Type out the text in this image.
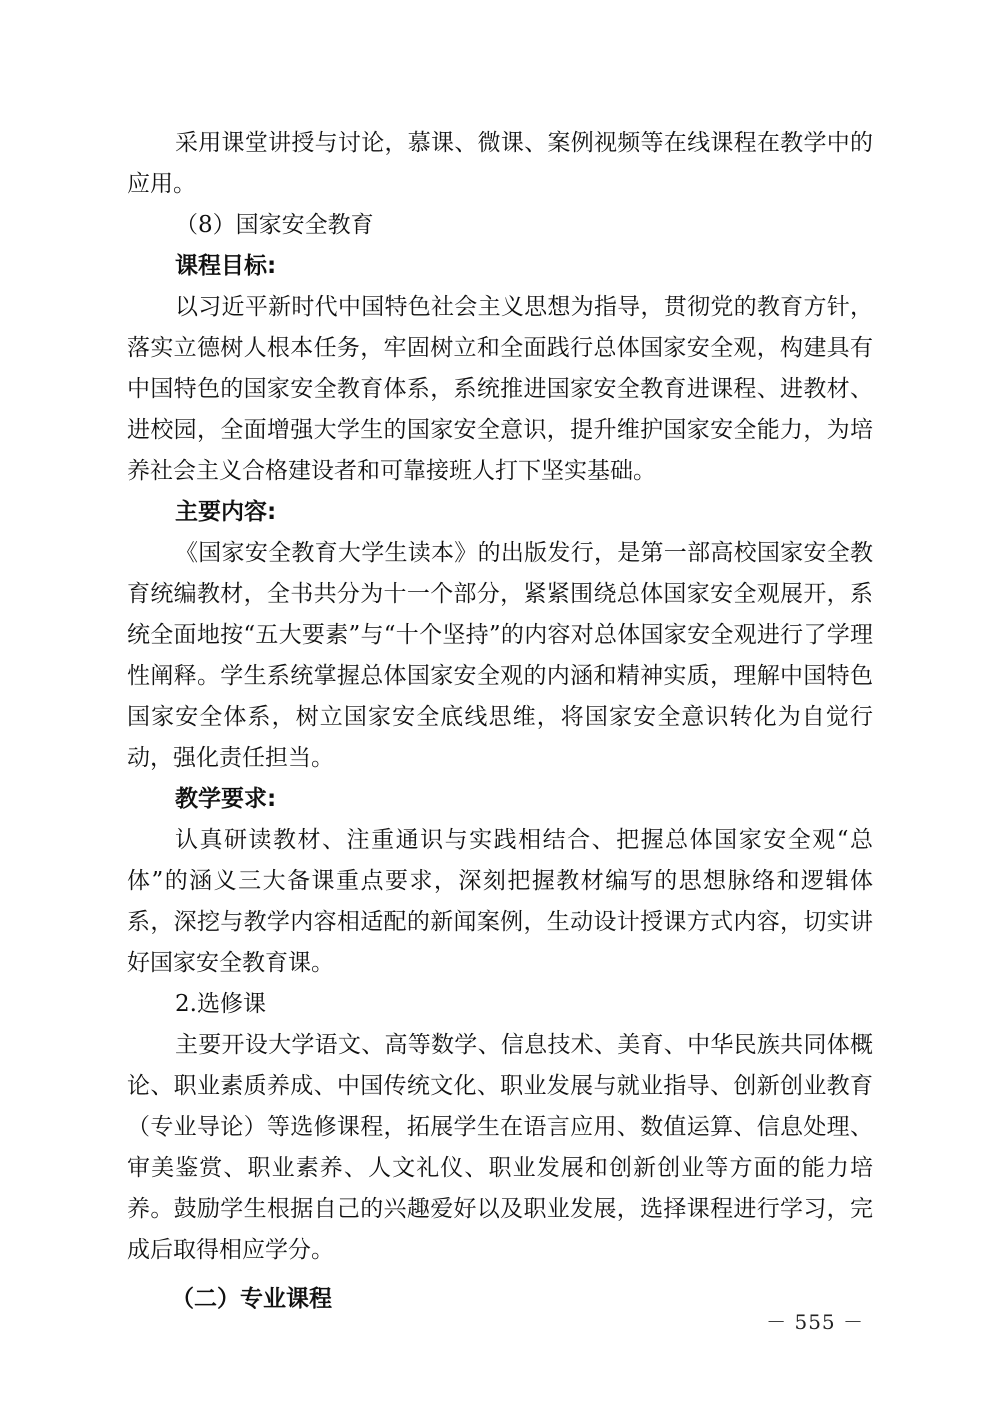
采用课堂讲授与讨论，慕课、微课、案例视频等在线课程在教学中的应用。

（8）国家安全教育

课程目标:

以习近平新时代中国特色社会主义思想为指导，贯彻党的教育方针，落实立德树人根本任务，牢固树立和全面践行总体国家安全观，构建具有中国特色的国家安全教育体系，系统推进国家安全教育进课程、进教材、进校园，全面增强大学生的国家安全意识，提升维护国家安全能力，为培养社会主义合格建设者和可靠接班人打下坚实基础。

主要内容:

《国家安全教育大学生读本》的出版发行，是第一部高校国家安全教育统编教材，全书共分为十一个部分，紧紧围绕总体国家安全观展开，系统全面地按“五大要素”与“十个坚持”的内容对总体国家安全观进行了学理性阐释。学生系统掌握总体国家安全观的内涵和精神实质，理解中国特色国家安全体系，树立国家安全底线思维，将国家安全意识转化为自觉行动，强化责任担当。

教学要求:

认真研读教材、注重通识与实践相结合、把握总体国家安全观“总体”的涵义三大备课重点要求，深刻把握教材编写的思想脉络和逻辑体系，深挖与教学内容相适配的新闻案例，生动设计授课方式内容，切实讲好国家安全教育课。

2.选修课

主要开设大学语文、高等数学、信息技术、美育、中华民族共同体概论、职业素质养成、中国传统文化、职业发展与就业指导、创新创业教育（专业导论）等选修课程，拓展学生在语言应用、数值运算、信息处理、审美鉴赏、职业素养、人文礼仪、职业发展和创新创业等方面的能力培养。鼓励学生根据自己的兴趣爱好以及职业发展，选择课程进行学习，完成后取得相应学分。

（二）专业课程

－ 555 －
